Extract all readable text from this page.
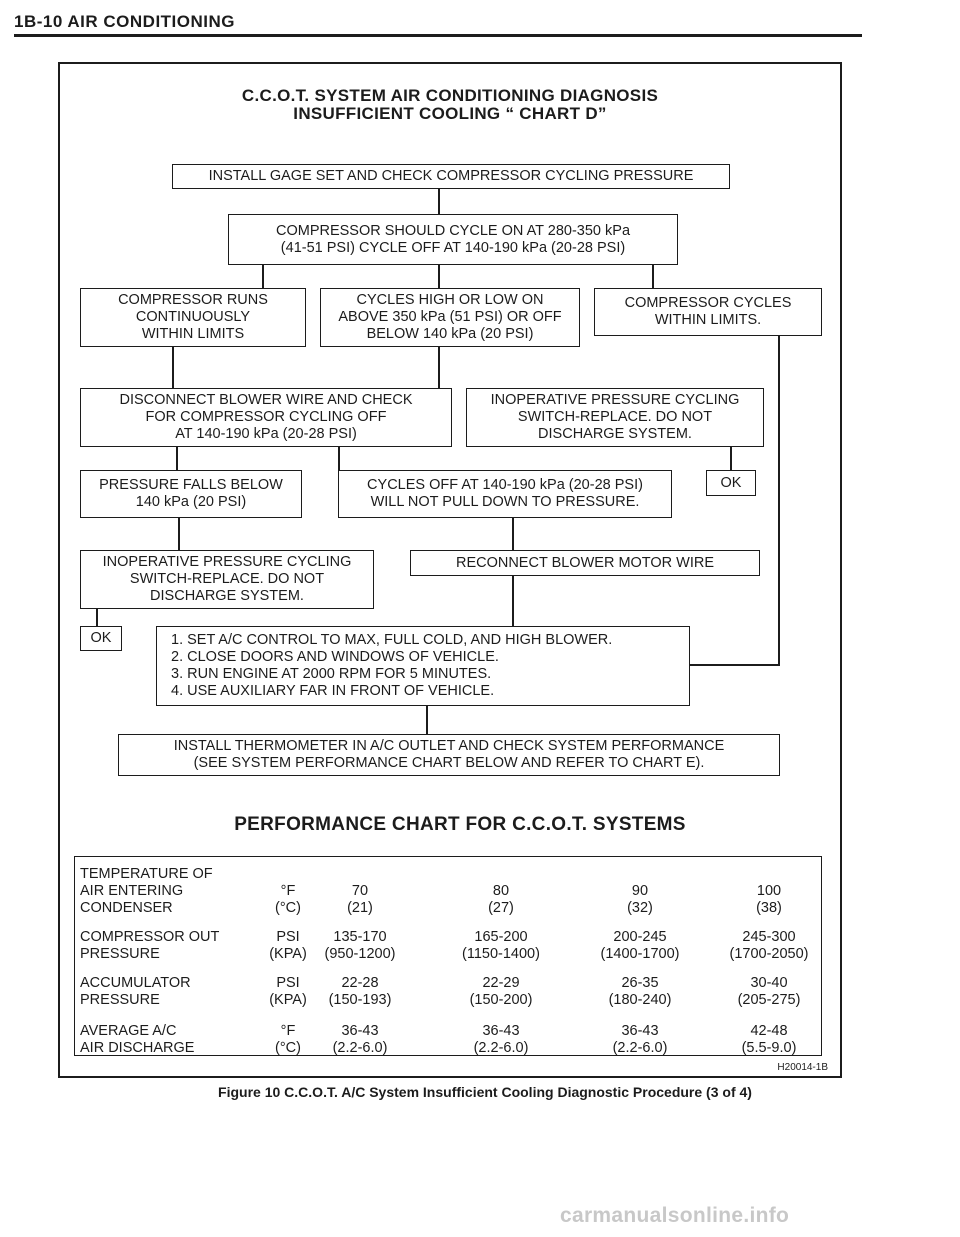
1B-10 AIR CONDITIONING
C.C.O.T. SYSTEM AIR CONDITIONING DIAGNOSIS
INSUFFICIENT COOLING “ CHART D”
INSTALL GAGE SET AND CHECK COMPRESSOR CYCLING PRESSURE
COMPRESSOR SHOULD CYCLE ON AT 280-350 kPa
(41-51 PSI) CYCLE OFF AT 140-190 kPa (20-28 PSI)
COMPRESSOR RUNS
CONTINUOUSLY
WITHIN LIMITS
CYCLES HIGH OR LOW ON
ABOVE 350 kPa (51 PSI) OR OFF
BELOW 140 kPa (20 PSI)
COMPRESSOR CYCLES
WITHIN LIMITS.
DISCONNECT BLOWER WIRE AND CHECK
FOR COMPRESSOR CYCLING OFF
AT 140-190 kPa (20-28 PSI)
INOPERATIVE PRESSURE CYCLING
SWITCH-REPLACE. DO NOT
DISCHARGE SYSTEM.
PRESSURE FALLS BELOW
140 kPa (20 PSI)
CYCLES OFF AT 140-190 kPa (20-28 PSI)
WILL NOT PULL DOWN TO PRESSURE.
OK
INOPERATIVE PRESSURE CYCLING
SWITCH-REPLACE. DO NOT
DISCHARGE SYSTEM.
RECONNECT BLOWER MOTOR WIRE
OK	1. SET A/C CONTROL TO MAX, FULL COLD, AND HIGH BLOWER.
2. CLOSE DOORS AND WINDOWS OF VEHICLE.
3. RUN ENGINE AT 2000 RPM FOR 5 MINUTES.
4. USE AUXILIARY FAR IN FRONT OF VEHICLE.
INSTALL THERMOMETER IN A/C OUTLET AND CHECK SYSTEM PERFORMANCE
(SEE SYSTEM PERFORMANCE CHART BELOW AND REFER TO CHART E).
PERFORMANCE CHART FOR C.C.O.T. SYSTEMS
TEMPERATURE OF
AIR ENTERING
CONDENSER
°F
(°C)
70
(21)
80
(27)
90
(32)
100
(38)
COMPRESSOR OUT
PRESSURE
PSI
(KPA)
135-170
(950-1200)
165-200
(1150-1400)
200-245
(1400-1700)
245-300
(1700-2050)
ACCUMULATOR
PRESSURE
PSI
(KPA)
22-28
(150-193)
22-29
(150-200)
26-35
(180-240)
30-40
(205-275)
AVERAGE A/C
AIR DISCHARGE
°F
(°C)
36-43
(2.2-6.0)
36-43
(2.2-6.0)
36-43
(2.2-6.0)
42-48
(5.5-9.0)
H20014-1B
Figure 10 C.C.O.T. A/C System Insufficient Cooling Diagnostic Procedure (3 of 4)
carmanualsonline.info
